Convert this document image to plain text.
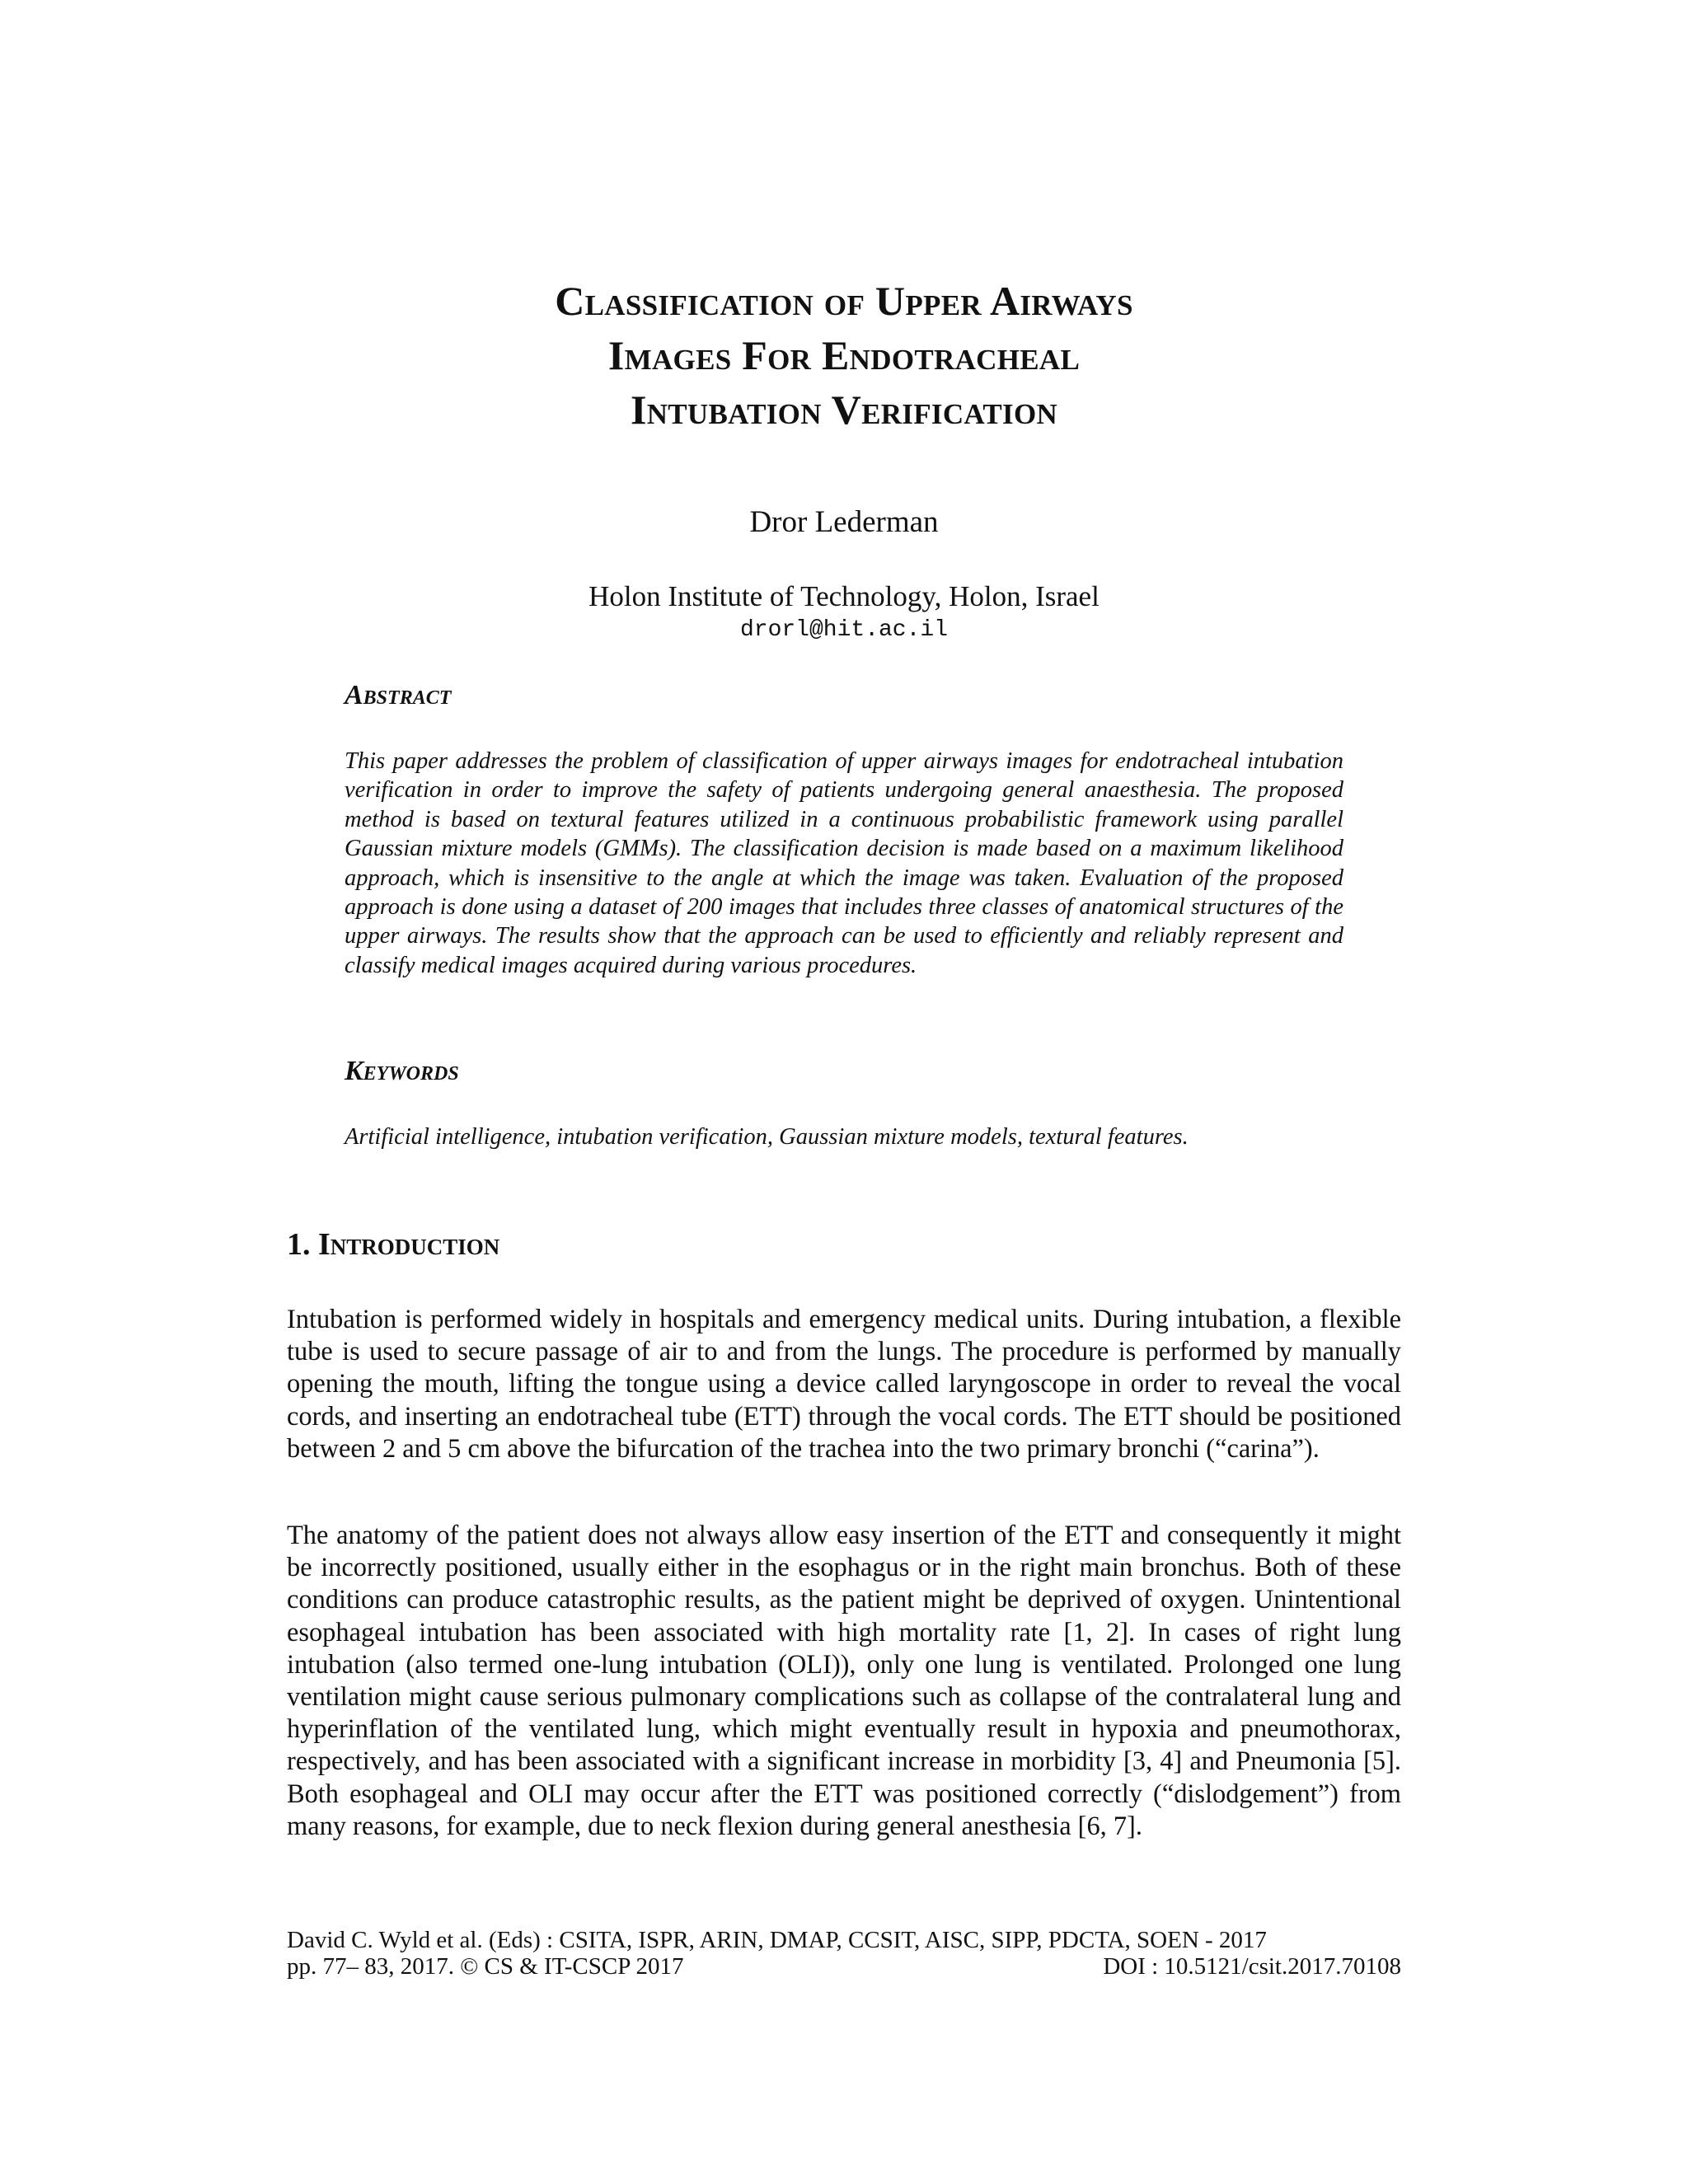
Classification of Upper Airways
Images For Endotracheal
Intubation Verification
Dror Lederman
Holon Institute of Technology, Holon, Israel
drorl@hit.ac.il
Abstract
This paper addresses the problem of classification of upper airways images for endotracheal intubation verification in order to improve the safety of patients undergoing general anaesthesia. The proposed method is based on textural features utilized in a continuous probabilistic framework using parallel Gaussian mixture models (GMMs). The classification decision is made based on a maximum likelihood approach, which is insensitive to the angle at which the image was taken. Evaluation of the proposed approach is done using a dataset of 200 images that includes three classes of anatomical structures of the upper airways. The results show that the approach can be used to efficiently and reliably represent and classify medical images acquired during various procedures.
Keywords
Artificial intelligence, intubation verification, Gaussian mixture models, textural features.
1. Introduction
Intubation is performed widely in hospitals and emergency medical units. During intubation, a flexible tube is used to secure passage of air to and from the lungs. The procedure is performed by manually opening the mouth, lifting the tongue using a device called laryngoscope in order to reveal the vocal cords, and inserting an endotracheal tube (ETT) through the vocal cords. The ETT should be positioned between 2 and 5 cm above the bifurcation of the trachea into the two primary bronchi (“carina”).
The anatomy of the patient does not always allow easy insertion of the ETT and consequently it might be incorrectly positioned, usually either in the esophagus or in the right main bronchus. Both of these conditions can produce catastrophic results, as the patient might be deprived of oxygen. Unintentional esophageal intubation has been associated with high mortality rate [1, 2]. In cases of right lung intubation (also termed one-lung intubation (OLI)), only one lung is ventilated. Prolonged one lung ventilation might cause serious pulmonary complications such as collapse of the contralateral lung and hyperinflation of the ventilated lung, which might eventually result in hypoxia and pneumothorax, respectively, and has been associated with a significant increase in morbidity [3, 4] and Pneumonia [5]. Both esophageal and OLI may occur after the ETT was positioned correctly (“dislodgement”) from many reasons, for example, due to neck flexion during general anesthesia [6, 7].
David C. Wyld et al. (Eds) : CSITA, ISPR, ARIN, DMAP, CCSIT, AISC, SIPP, PDCTA, SOEN - 2017
pp. 77– 83, 2017. © CS & IT-CSCP 2017	DOI : 10.5121/csit.2017.70108
